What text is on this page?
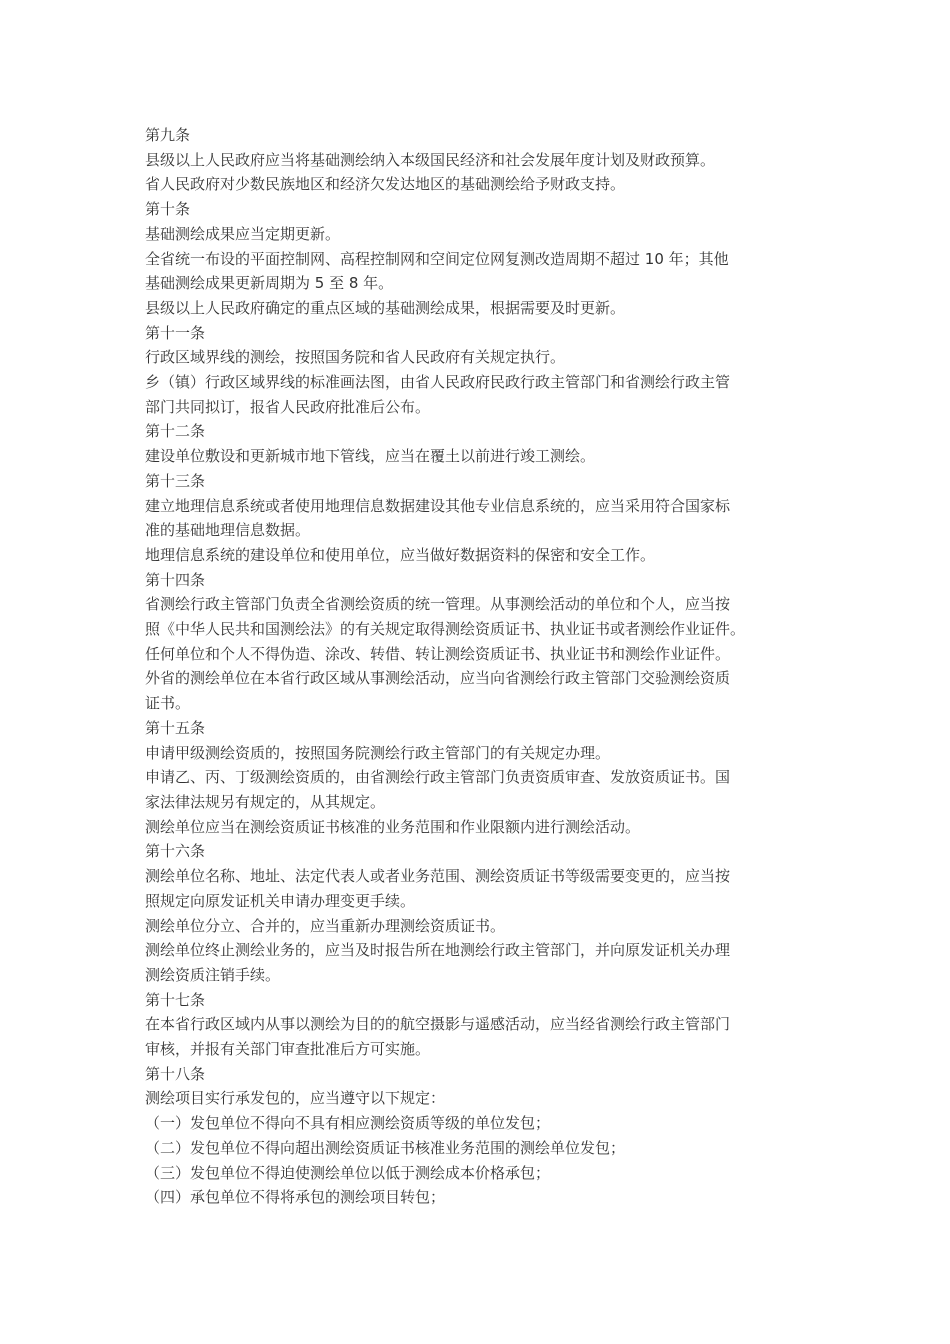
第九条
县级以上人民政府应当将基础测绘纳入本级国民经济和社会发展年度计划及财政预算。
省人民政府对少数民族地区和经济欠发达地区的基础测绘给予财政支持。
第十条
基础测绘成果应当定期更新。
全省统一布设的平面控制网、高程控制网和空间定位网复测改造周期不超过 10 年；其他
基础测绘成果更新周期为 5 至 8 年。
县级以上人民政府确定的重点区域的基础测绘成果，根据需要及时更新。
第十一条
行政区域界线的测绘，按照国务院和省人民政府有关规定执行。
乡（镇）行政区域界线的标准画法图，由省人民政府民政行政主管部门和省测绘行政主管
部门共同拟订，报省人民政府批准后公布。
第十二条
建设单位敷设和更新城市地下管线，应当在覆土以前进行竣工测绘。
第十三条
建立地理信息系统或者使用地理信息数据建设其他专业信息系统的，应当采用符合国家标
准的基础地理信息数据。
地理信息系统的建设单位和使用单位，应当做好数据资料的保密和安全工作。
第十四条
省测绘行政主管部门负责全省测绘资质的统一管理。从事测绘活动的单位和个人，应当按
照《中华人民共和国测绘法》的有关规定取得测绘资质证书、执业证书或者测绘作业证件。
任何单位和个人不得伪造、涂改、转借、转让测绘资质证书、执业证书和测绘作业证件。
外省的测绘单位在本省行政区域从事测绘活动，应当向省测绘行政主管部门交验测绘资质
证书。
第十五条
申请甲级测绘资质的，按照国务院测绘行政主管部门的有关规定办理。
申请乙、丙、丁级测绘资质的，由省测绘行政主管部门负责资质审查、发放资质证书。国
家法律法规另有规定的，从其规定。
测绘单位应当在测绘资质证书核准的业务范围和作业限额内进行测绘活动。
第十六条
测绘单位名称、地址、法定代表人或者业务范围、测绘资质证书等级需要变更的，应当按
照规定向原发证机关申请办理变更手续。
测绘单位分立、合并的，应当重新办理测绘资质证书。
测绘单位终止测绘业务的，应当及时报告所在地测绘行政主管部门，并向原发证机关办理
测绘资质注销手续。
第十七条
在本省行政区域内从事以测绘为目的的航空摄影与遥感活动，应当经省测绘行政主管部门
审核，并报有关部门审查批准后方可实施。
第十八条
测绘项目实行承发包的，应当遵守以下规定：
（一）发包单位不得向不具有相应测绘资质等级的单位发包；
（二）发包单位不得向超出测绘资质证书核准业务范围的测绘单位发包；
（三）发包单位不得迫使测绘单位以低于测绘成本价格承包；
（四）承包单位不得将承包的测绘项目转包；
